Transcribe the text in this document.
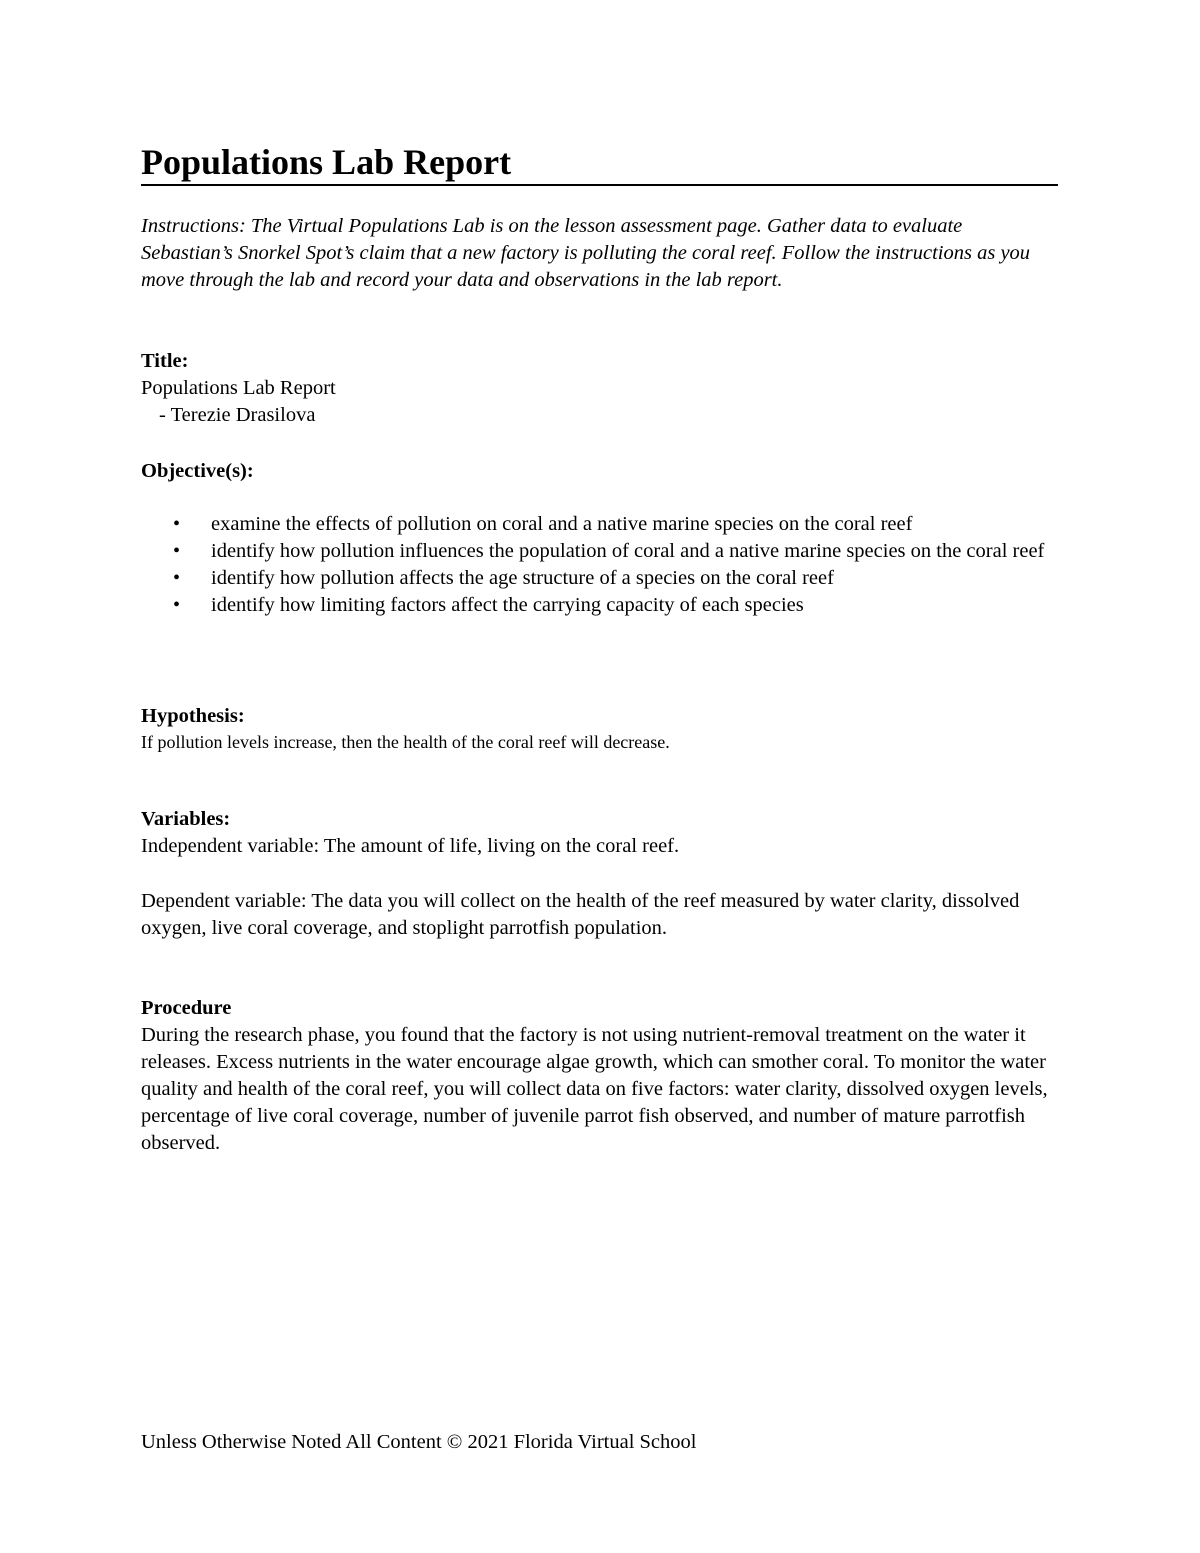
Populations Lab Report

Instructions: The Virtual Populations Lab is on the lesson assessment page. Gather data to evaluate Sebastian’s Snorkel Spot’s claim that a new factory is polluting the coral reef. Follow the instructions as you move through the lab and record your data and observations in the lab report.

Title:

Populations Lab Report

- Terezie Drasilova

Objective(s):

• examine the effects of pollution on coral and a native marine species on the coral reef
• identify how pollution influences the population of coral and a native marine species on the coral reef
• identify how pollution affects the age structure of a species on the coral reef
• identify how limiting factors affect the carrying capacity of each species

Hypothesis:

If pollution levels increase, then the health of the coral reef will decrease.

Variables:

Independent variable: The amount of life, living on the coral reef.

Dependent variable: The data you will collect on the health of the reef measured by water clarity, dissolved oxygen, live coral coverage, and stoplight parrotfish population.

Procedure

During the research phase, you found that the factory is not using nutrient-removal treatment on the water it releases. Excess nutrients in the water encourage algae growth, which can smother coral. To monitor the water quality and health of the coral reef, you will collect data on five factors: water clarity, dissolved oxygen levels, percentage of live coral coverage, number of juvenile parrot fish observed, and number of mature parrotfish observed.

Unless Otherwise Noted All Content © 2021 Florida Virtual School
